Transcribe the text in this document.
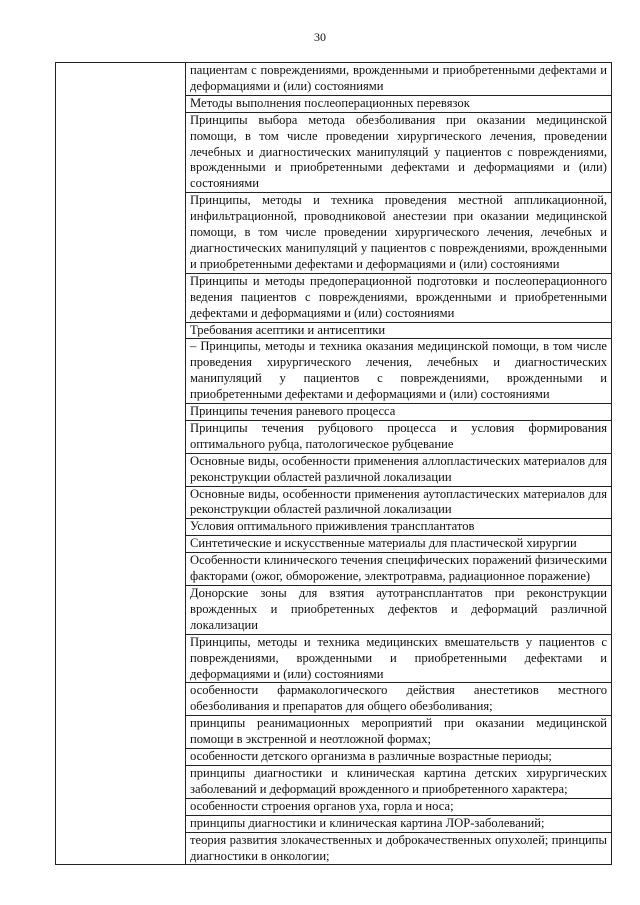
30
пациентам с повреждениями, врожденными и приобретенными дефектами и деформациями и (или) состояниями
Методы выполнения послеоперационных перевязок
Принципы выбора метода обезболивания при оказании медицинской помощи, в том числе проведении хирургического лечения, проведении лечебных и диагностических манипуляций у пациентов с повреждениями, врожденными и приобретенными дефектами и деформациями и (или) состояниями
Принципы, методы и техника проведения местной аппликационной, инфильтрационной, проводниковой анестезии при оказании медицинской помощи, в том числе проведении хирургического лечения, лечебных и диагностических манипуляций у пациентов с повреждениями, врожденными и приобретенными дефектами и деформациями и (или) состояниями
Принципы и методы предоперационной подготовки и послеоперационного ведения пациентов с повреждениями, врожденными и приобретенными дефектами и деформациями и (или) состояниями
Требования асептики и антисептики
– Принципы, методы и техника оказания медицинской помощи, в том числе проведения хирургического лечения, лечебных и диагностических манипуляций у пациентов с повреждениями, врожденными и приобретенными дефектами и деформациями и (или) состояниями
Принципы течения раневого процесса
Принципы течения рубцового процесса и условия формирования оптимального рубца, патологическое рубцевание
Основные виды, особенности применения аллопластических материалов для реконструкции областей различной локализации
Основные виды, особенности применения аутопластических материалов для реконструкции областей различной локализации
Условия оптимального приживления трансплантатов
Синтетические и искусственные материалы для пластической хирургии
Особенности клинического течения специфических поражений физическими факторами (ожог, обморожение, электротравма, радиационное поражение)
Донорские зоны для взятия аутотрансплантатов при реконструкции врожденных и приобретенных дефектов и деформаций различной локализации
Принципы, методы и техника медицинских вмешательств у пациентов с повреждениями, врожденными и приобретенными дефектами и деформациями и (или) состояниями
особенности фармакологического действия анестетиков местного обезболивания и препаратов для общего обезболивания;
принципы реанимационных мероприятий при оказании медицинской помощи в экстренной и неотложной формах;
особенности детского организма в различные возрастные периоды;
принципы диагностики и клиническая картина детских хирургических заболеваний и деформаций врожденного и приобретенного характера;
особенности строения органов уха, горла и носа;
принципы диагностики и клиническая картина ЛОР-заболеваний;
теория развития злокачественных и доброкачественных опухолей; принципы диагностики в онкологии;
